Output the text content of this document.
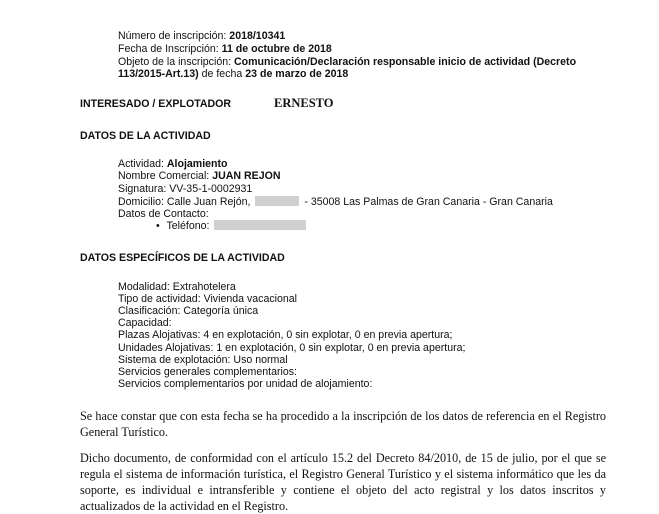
Número de inscripción: 2018/10341
Fecha de Inscripción: 11 de octubre de 2018
Objeto de la inscripción: Comunicación/Declaración responsable inicio de actividad (Decreto
113/2015-Art.13) de fecha 23 de marzo de 2018
INTERESADO / EXPLOTADOR	ERNESTO
DATOS DE LA ACTIVIDAD
Actividad: Alojamiento
Nombre Comercial: JUAN REJON
Signatura: VV-35-1-0002931
Domicilio: Calle Juan Rejón,	- 35008 Las Palmas de Gran Canaria - Gran Canaria
Datos de Contacto:
• Teléfono:
DATOS ESPECÍFICOS DE LA ACTIVIDAD
Modalidad: Extrahotelera
Tipo de actividad: Vivienda vacacional
Clasificación: Categoría única
Capacidad:
Plazas Alojativas: 4 en explotación, 0 sin explotar, 0 en previa apertura;
Unidades Alojativas: 1 en explotación, 0 sin explotar, 0 en previa apertura;
Sistema de explotación: Uso normal
Servicios generales complementarios:
Servicios complementarios por unidad de alojamiento:
Se hace constar que con esta fecha se ha procedido a la inscripción de los datos de referencia en el Registro General Turístico.
Dicho documento, de conformidad con el artículo 15.2 del Decreto 84/2010, de 15 de julio, por el que se regula el sistema de información turística, el Registro General Turístico y el sistema informático que les da soporte, es individual e intransferible y contiene el objeto del acto registral y los datos inscritos y actualizados de la actividad en el Registro.
